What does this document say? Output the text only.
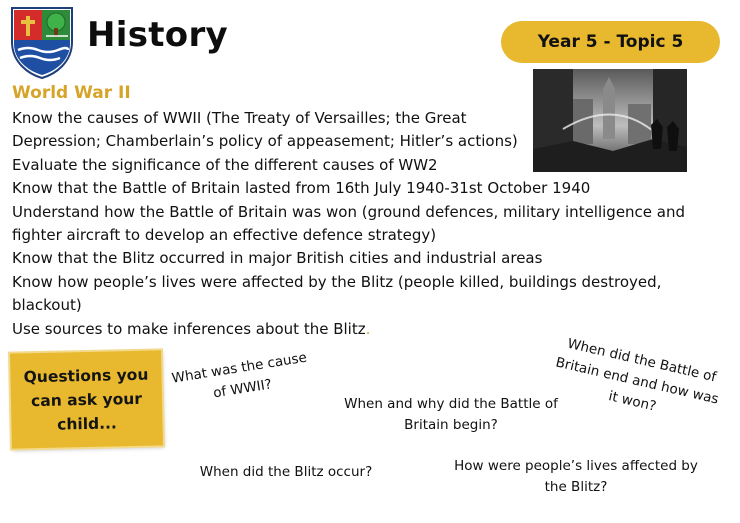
History	Year 5 - Topic 5
World War II
Know the causes of WWII (The Treaty of Versailles; the Great Depression; Chamberlain’s policy of appeasement; Hitler’s actions)
Evaluate the significance of the different causes of WW2
Know that the Battle of Britain lasted from 16th July 1940-31st October 1940
Understand how the Battle of Britain was won (ground defences, military intelligence and fighter aircraft to develop an effective defence strategy)
Know that the Blitz occurred in major British cities and industrial areas
Know how people’s lives were affected by the Blitz (people killed, buildings destroyed, blackout)
Use sources to make inferences about the Blitz.
Questions you
can ask your
child...
What was the cause
of WWII?
When and why did the Battle of
Britain begin?
When did the Battle of
Britain end and how was
it won?
When did the Blitz occur?	How were people’s lives affected by
the Blitz?
